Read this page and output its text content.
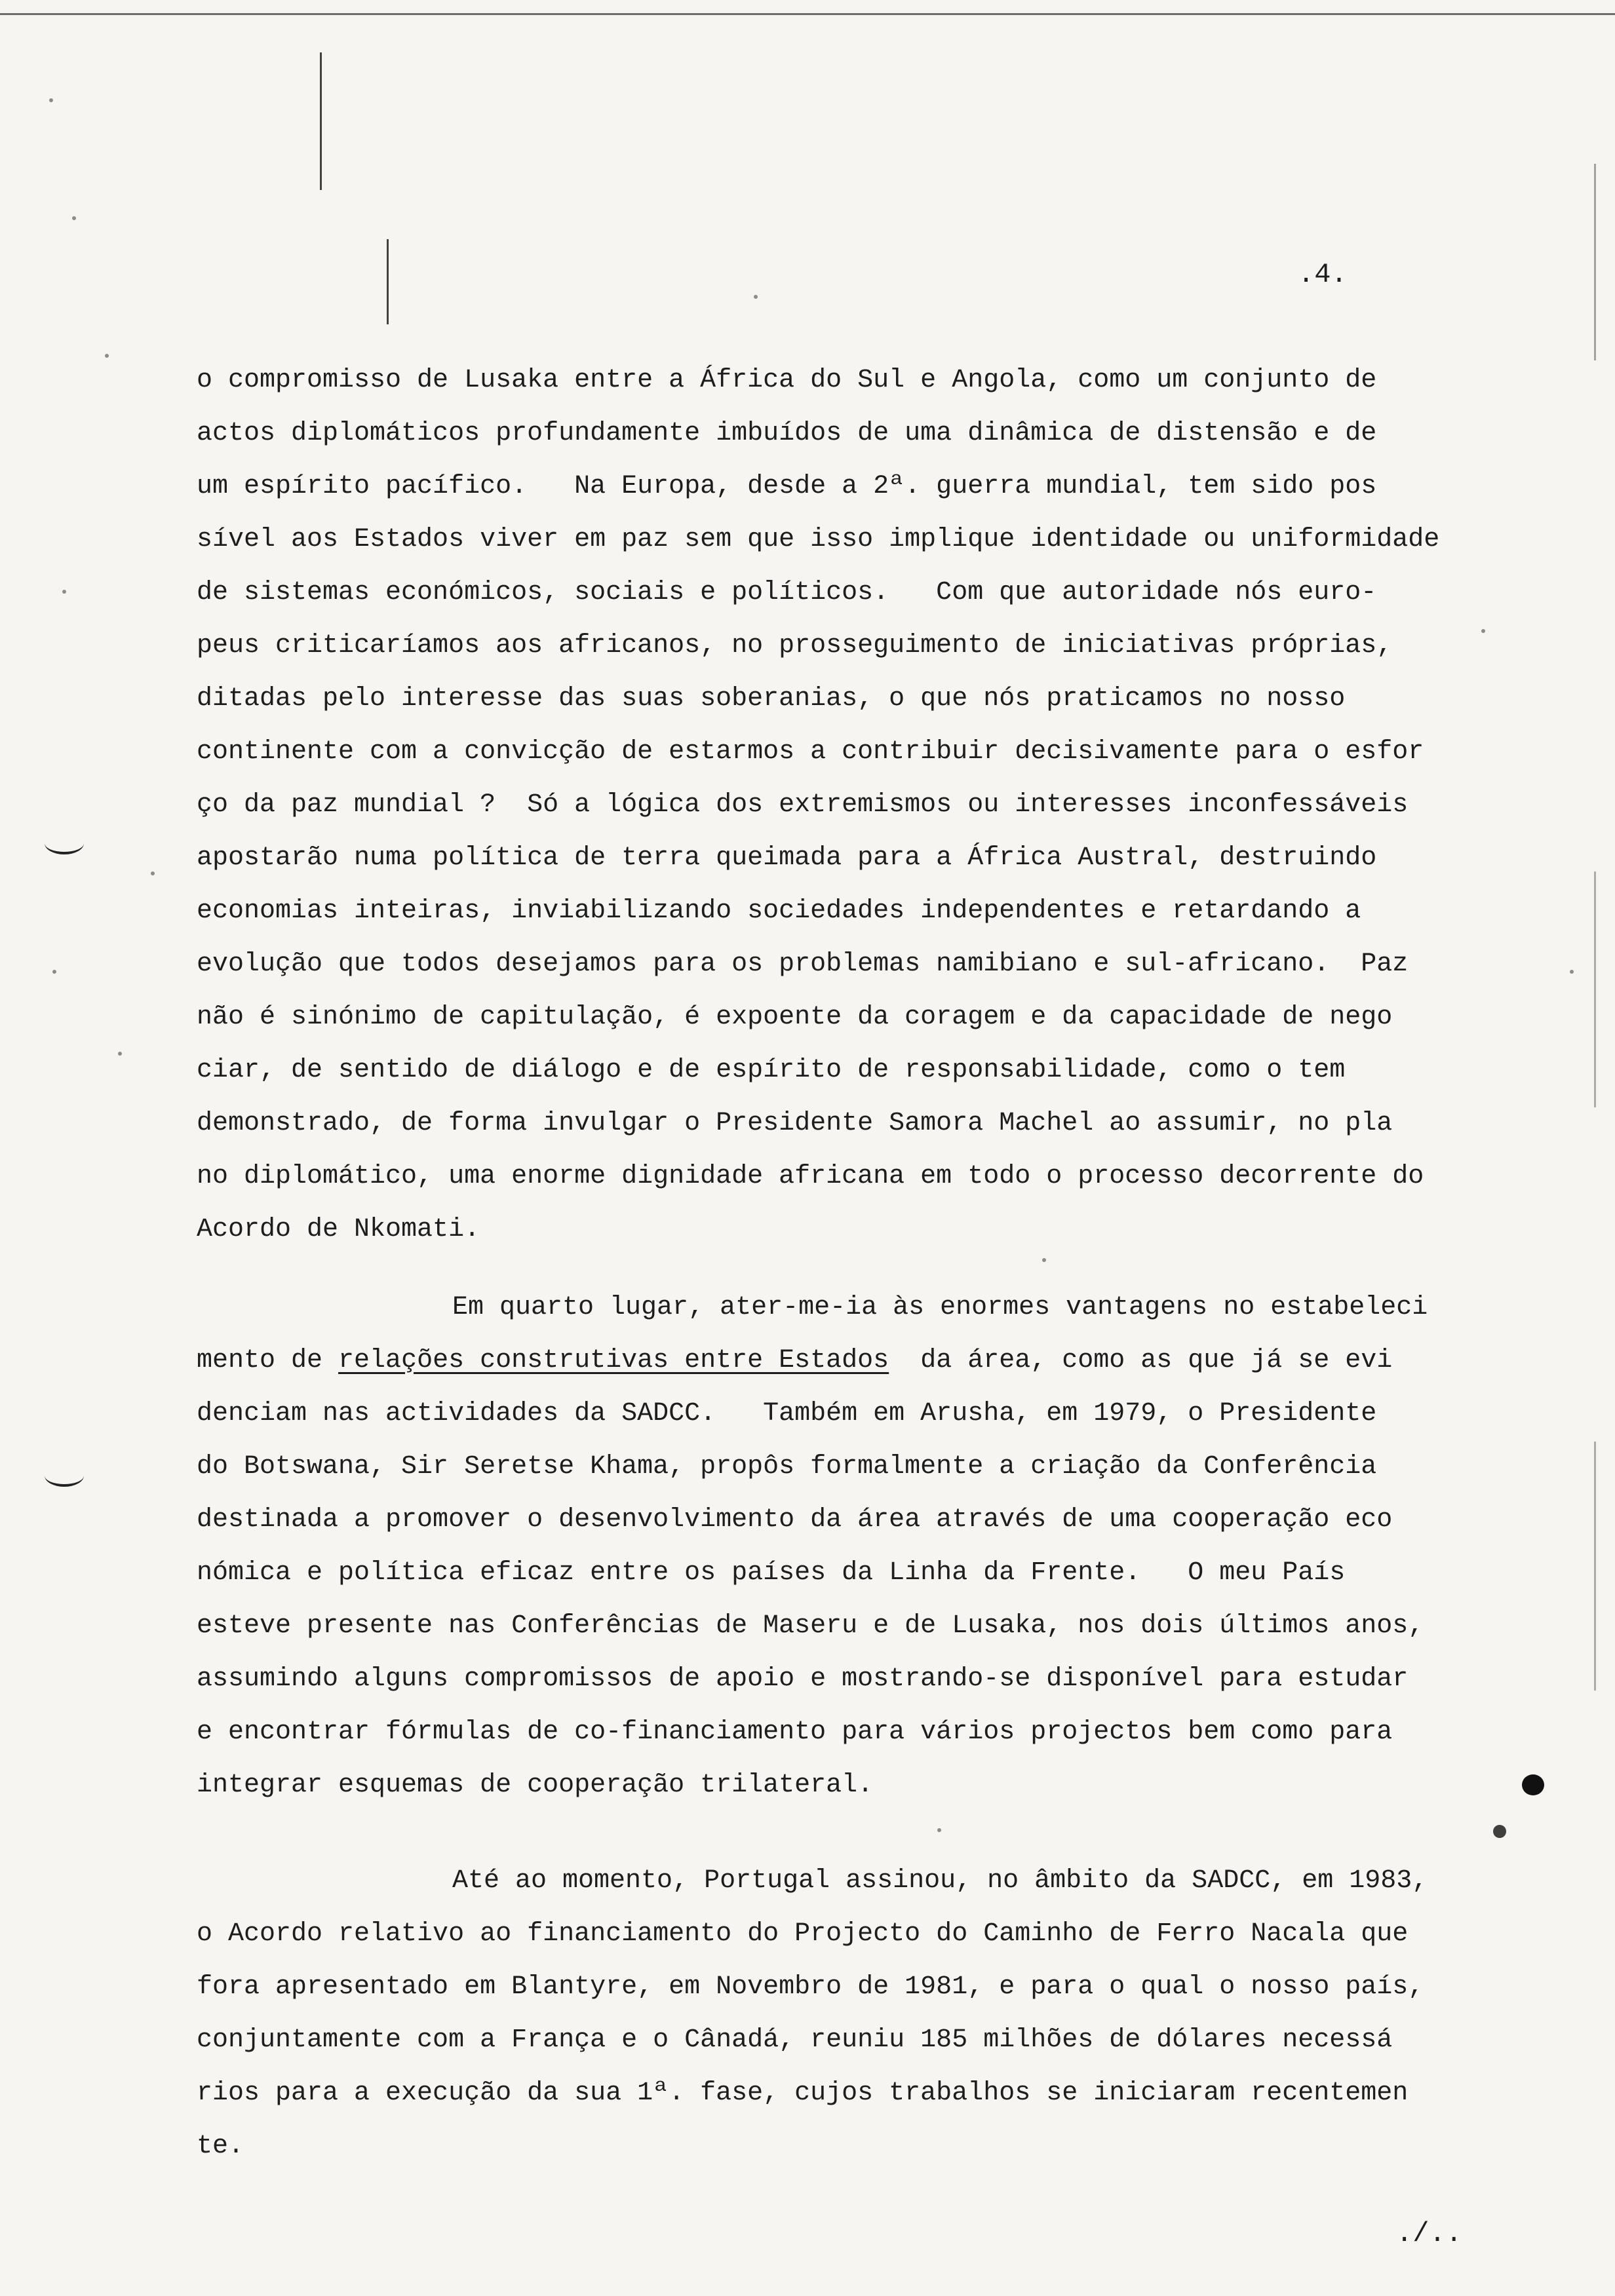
.4.
o compromisso de Lusaka entre a África do Sul e Angola, como um conjunto de
actos diplomáticos profundamente imbuídos de uma dinâmica de distensão e de
um espírito pacífico.   Na Europa, desde a 2ª. guerra mundial, tem sido pos
sível aos Estados viver em paz sem que isso implique identidade ou uniformidade
de sistemas económicos, sociais e políticos.   Com que autoridade nós euro-
peus criticaríamos aos africanos, no prosseguimento de iniciativas próprias,
ditadas pelo interesse das suas soberanias, o que nós praticamos no nosso
continente com a convicção de estarmos a contribuir decisivamente para o esfor
ço da paz mundial ?  Só a lógica dos extremismos ou interesses inconfessáveis
apostarão numa política de terra queimada para a África Austral, destruindo
economias inteiras, inviabilizando sociedades independentes e retardando a
evolução que todos desejamos para os problemas namibiano e sul-africano.  Paz
não é sinónimo de capitulação, é expoente da coragem e da capacidade de nego
ciar, de sentido de diálogo e de espírito de responsabilidade, como o tem
demonstrado, de forma invulgar o Presidente Samora Machel ao assumir, no pla
no diplomático, uma enorme dignidade africana em todo o processo decorrente do
Acordo de Nkomati.
Em quarto lugar, ater-me-ia às enormes vantagens no estabeleci
mento de relações construtivas entre Estados  da área, como as que já se evi
denciam nas actividades da SADCC.   Também em Arusha, em 1979, o Presidente
do Botswana, Sir Seretse Khama, propôs formalmente a criação da Conferência
destinada a promover o desenvolvimento da área através de uma cooperação eco
nómica e política eficaz entre os países da Linha da Frente.   O meu País
esteve presente nas Conferências de Maseru e de Lusaka, nos dois últimos anos,
assumindo alguns compromissos de apoio e mostrando-se disponível para estudar
e encontrar fórmulas de co-financiamento para vários projectos bem como para
integrar esquemas de cooperação trilateral.
Até ao momento, Portugal assinou, no âmbito da SADCC, em 1983,
o Acordo relativo ao financiamento do Projecto do Caminho de Ferro Nacala que
fora apresentado em Blantyre, em Novembro de 1981, e para o qual o nosso país,
conjuntamente com a França e o Cânadá, reuniu 185 milhões de dólares necessá
rios para a execução da sua 1ª. fase, cujos trabalhos se iniciaram recentemen
te.
./..
